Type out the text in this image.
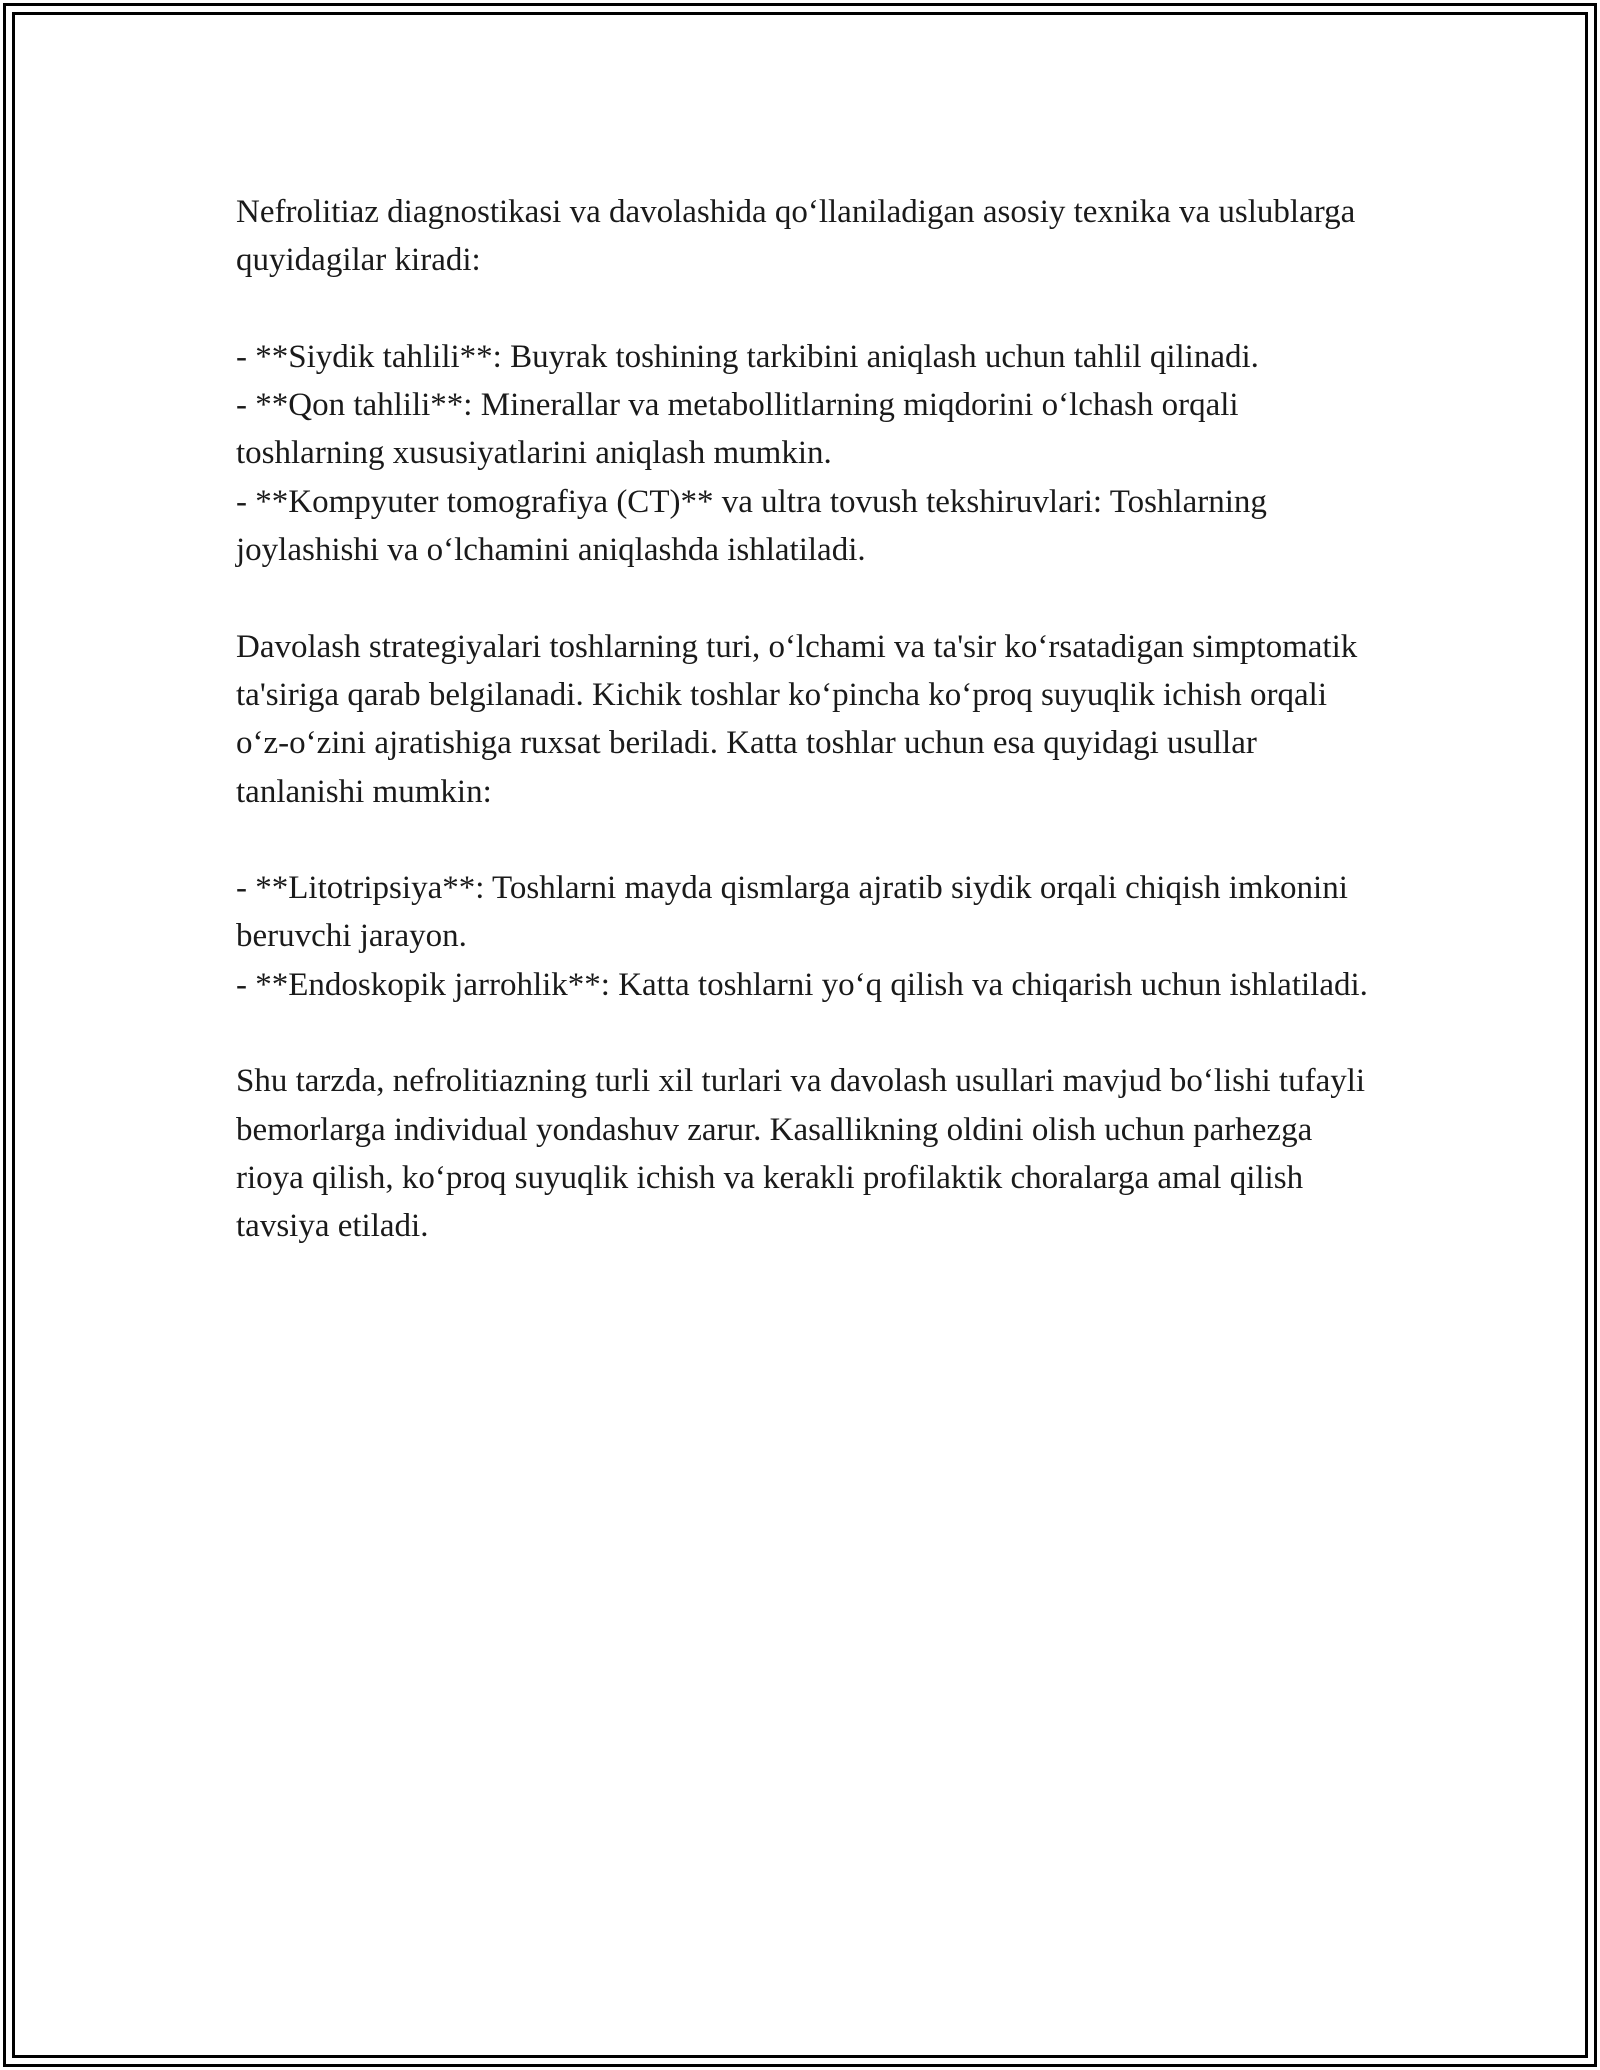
Nefrolitiaz diagnostikasi va davolashida qo‘llaniladigan asosiy texnika va uslublarga quyidagilar kiradi:

- **Siydik tahlili**: Buyrak toshining tarkibini aniqlash uchun tahlil qilinadi.

- **Qon tahlili**: Minerallar va metabollitlarning miqdorini o‘lchash orqali toshlarning xususiyatlarini aniqlash mumkin.

- **Kompyuter tomografiya (CT)** va ultra tovush tekshiruvlari: Toshlarning joylashishi va o‘lchamini aniqlashda ishlatiladi.

Davolash strategiyalari toshlarning turi, o‘lchami va ta'sir ko‘rsatadigan simptomatik ta'siriga qarab belgilanadi. Kichik toshlar ko‘pincha ko‘proq suyuqlik ichish orqali o‘z-o‘zini ajratishiga ruxsat beriladi. Katta toshlar uchun esa quyidagi usullar tanlanishi mumkin:

- **Litotripsiya**: Toshlarni mayda qismlarga ajratib siydik orqali chiqish imkonini beruvchi jarayon.

- **Endoskopik jarrohlik**: Katta toshlarni yo‘q qilish va chiqarish uchun ishlatiladi.

Shu tarzda, nefrolitiazning turli xil turlari va davolash usullari mavjud bo‘lishi tufayli bemorlarga individual yondashuv zarur. Kasallikning oldini olish uchun parhezga rioya qilish, ko‘proq suyuqlik ichish va kerakli profilaktik choralarga amal qilish tavsiya etiladi.
